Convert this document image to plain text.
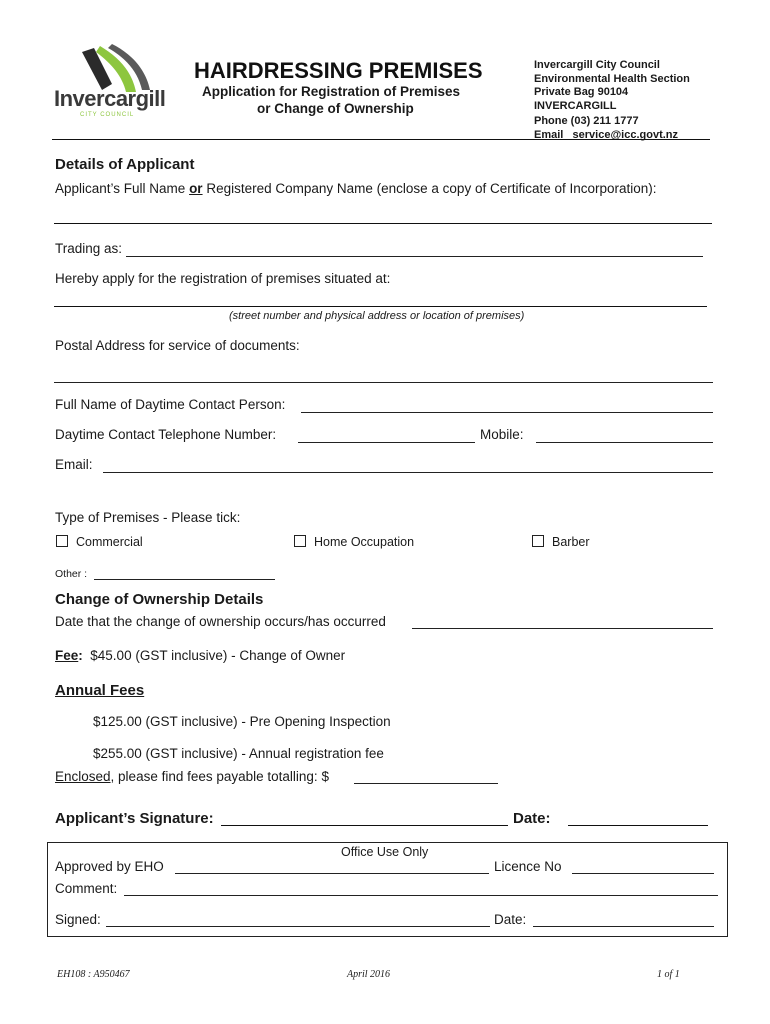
Invercargill
CITY COUNCIL
HAIRDRESSING PREMISES
Application for Registration of Premises
or Change of Ownership
Invercargill City Council
Environmental Health Section
Private Bag 90104
INVERCARGILL
Phone (03) 211 1777
Email service@icc.govt.nz
Details of Applicant
Applicant’s Full Name or Registered Company Name (enclose a copy of Certificate of Incorporation):
Trading as:
Hereby apply for the registration of premises situated at:
(street number and physical address or location of premises)
Postal Address for service of documents:
Full Name of Daytime Contact Person:
Daytime Contact Telephone Number:	Mobile:
Email:
Type of Premises - Please tick:
Commercial	Home Occupation	Barber
Other :
Change of Ownership Details
Date that the change of ownership occurs/has occurred
Fee: $45.00 (GST inclusive) - Change of Owner
Annual Fees
$125.00 (GST inclusive) - Pre Opening Inspection
$255.00 (GST inclusive) - Annual registration fee
Enclosed, please find fees payable totalling: $
Applicant’s Signature:	Date:
Office Use Only
Approved by EHO	Licence No
Comment:
Signed:	Date:
EH108 : A950467	April 2016	1 of 1
